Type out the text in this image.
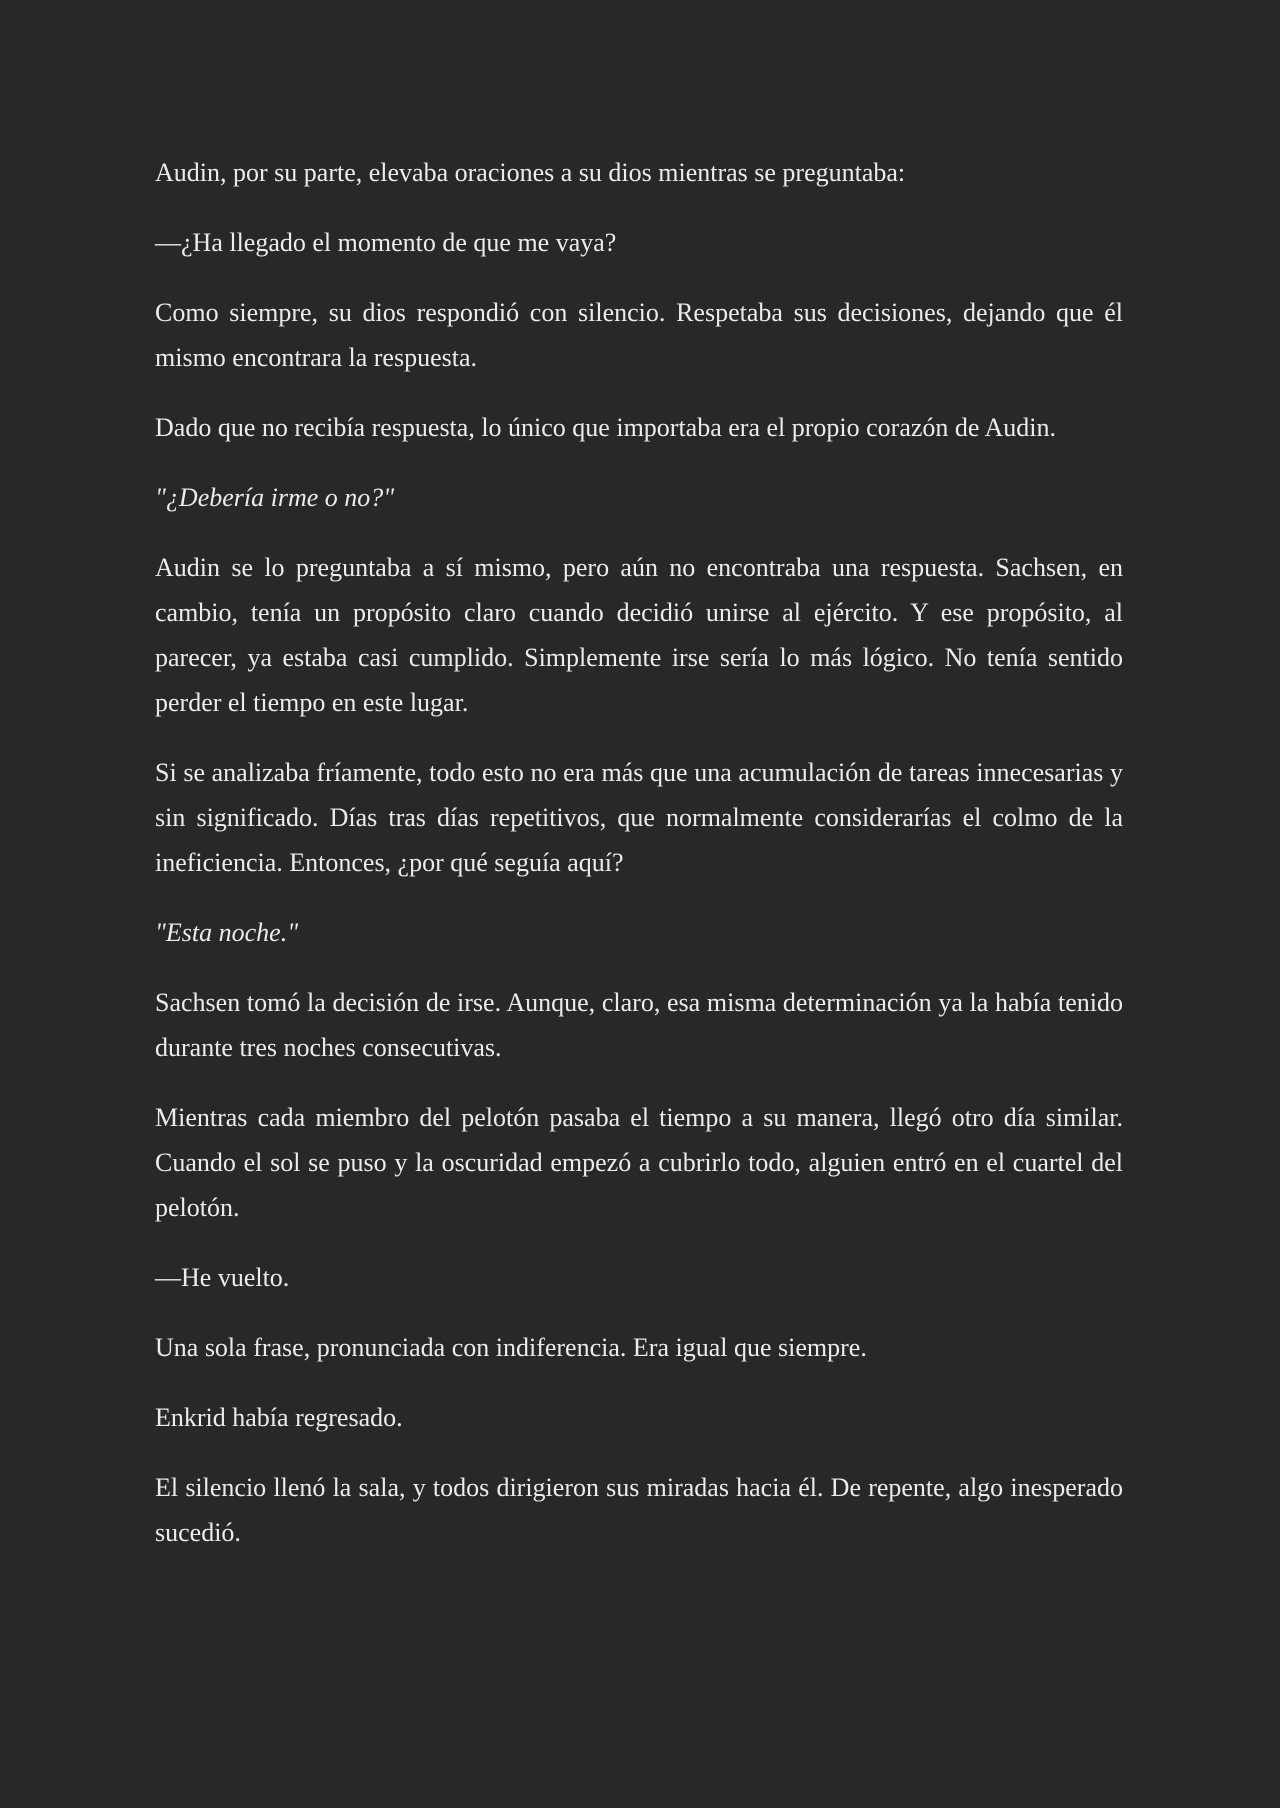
Audin, por su parte, elevaba oraciones a su dios mientras se preguntaba:

—¿Ha llegado el momento de que me vaya?

Como siempre, su dios respondió con silencio. Respetaba sus decisiones, dejando que él mismo encontrara la respuesta.

Dado que no recibía respuesta, lo único que importaba era el propio corazón de Audin.

"¿Debería irme o no?"

Audin se lo preguntaba a sí mismo, pero aún no encontraba una respuesta. Sachsen, en cambio, tenía un propósito claro cuando decidió unirse al ejército. Y ese propósito, al parecer, ya estaba casi cumplido. Simplemente irse sería lo más lógico. No tenía sentido perder el tiempo en este lugar.

Si se analizaba fríamente, todo esto no era más que una acumulación de tareas innecesarias y sin significado. Días tras días repetitivos, que normalmente considerarías el colmo de la ineficiencia. Entonces, ¿por qué seguía aquí?

"Esta noche."

Sachsen tomó la decisión de irse. Aunque, claro, esa misma determinación ya la había tenido durante tres noches consecutivas.

Mientras cada miembro del pelotón pasaba el tiempo a su manera, llegó otro día similar. Cuando el sol se puso y la oscuridad empezó a cubrirlo todo, alguien entró en el cuartel del pelotón.

—He vuelto.

Una sola frase, pronunciada con indiferencia. Era igual que siempre.

Enkrid había regresado.

El silencio llenó la sala, y todos dirigieron sus miradas hacia él. De repente, algo inesperado sucedió.
